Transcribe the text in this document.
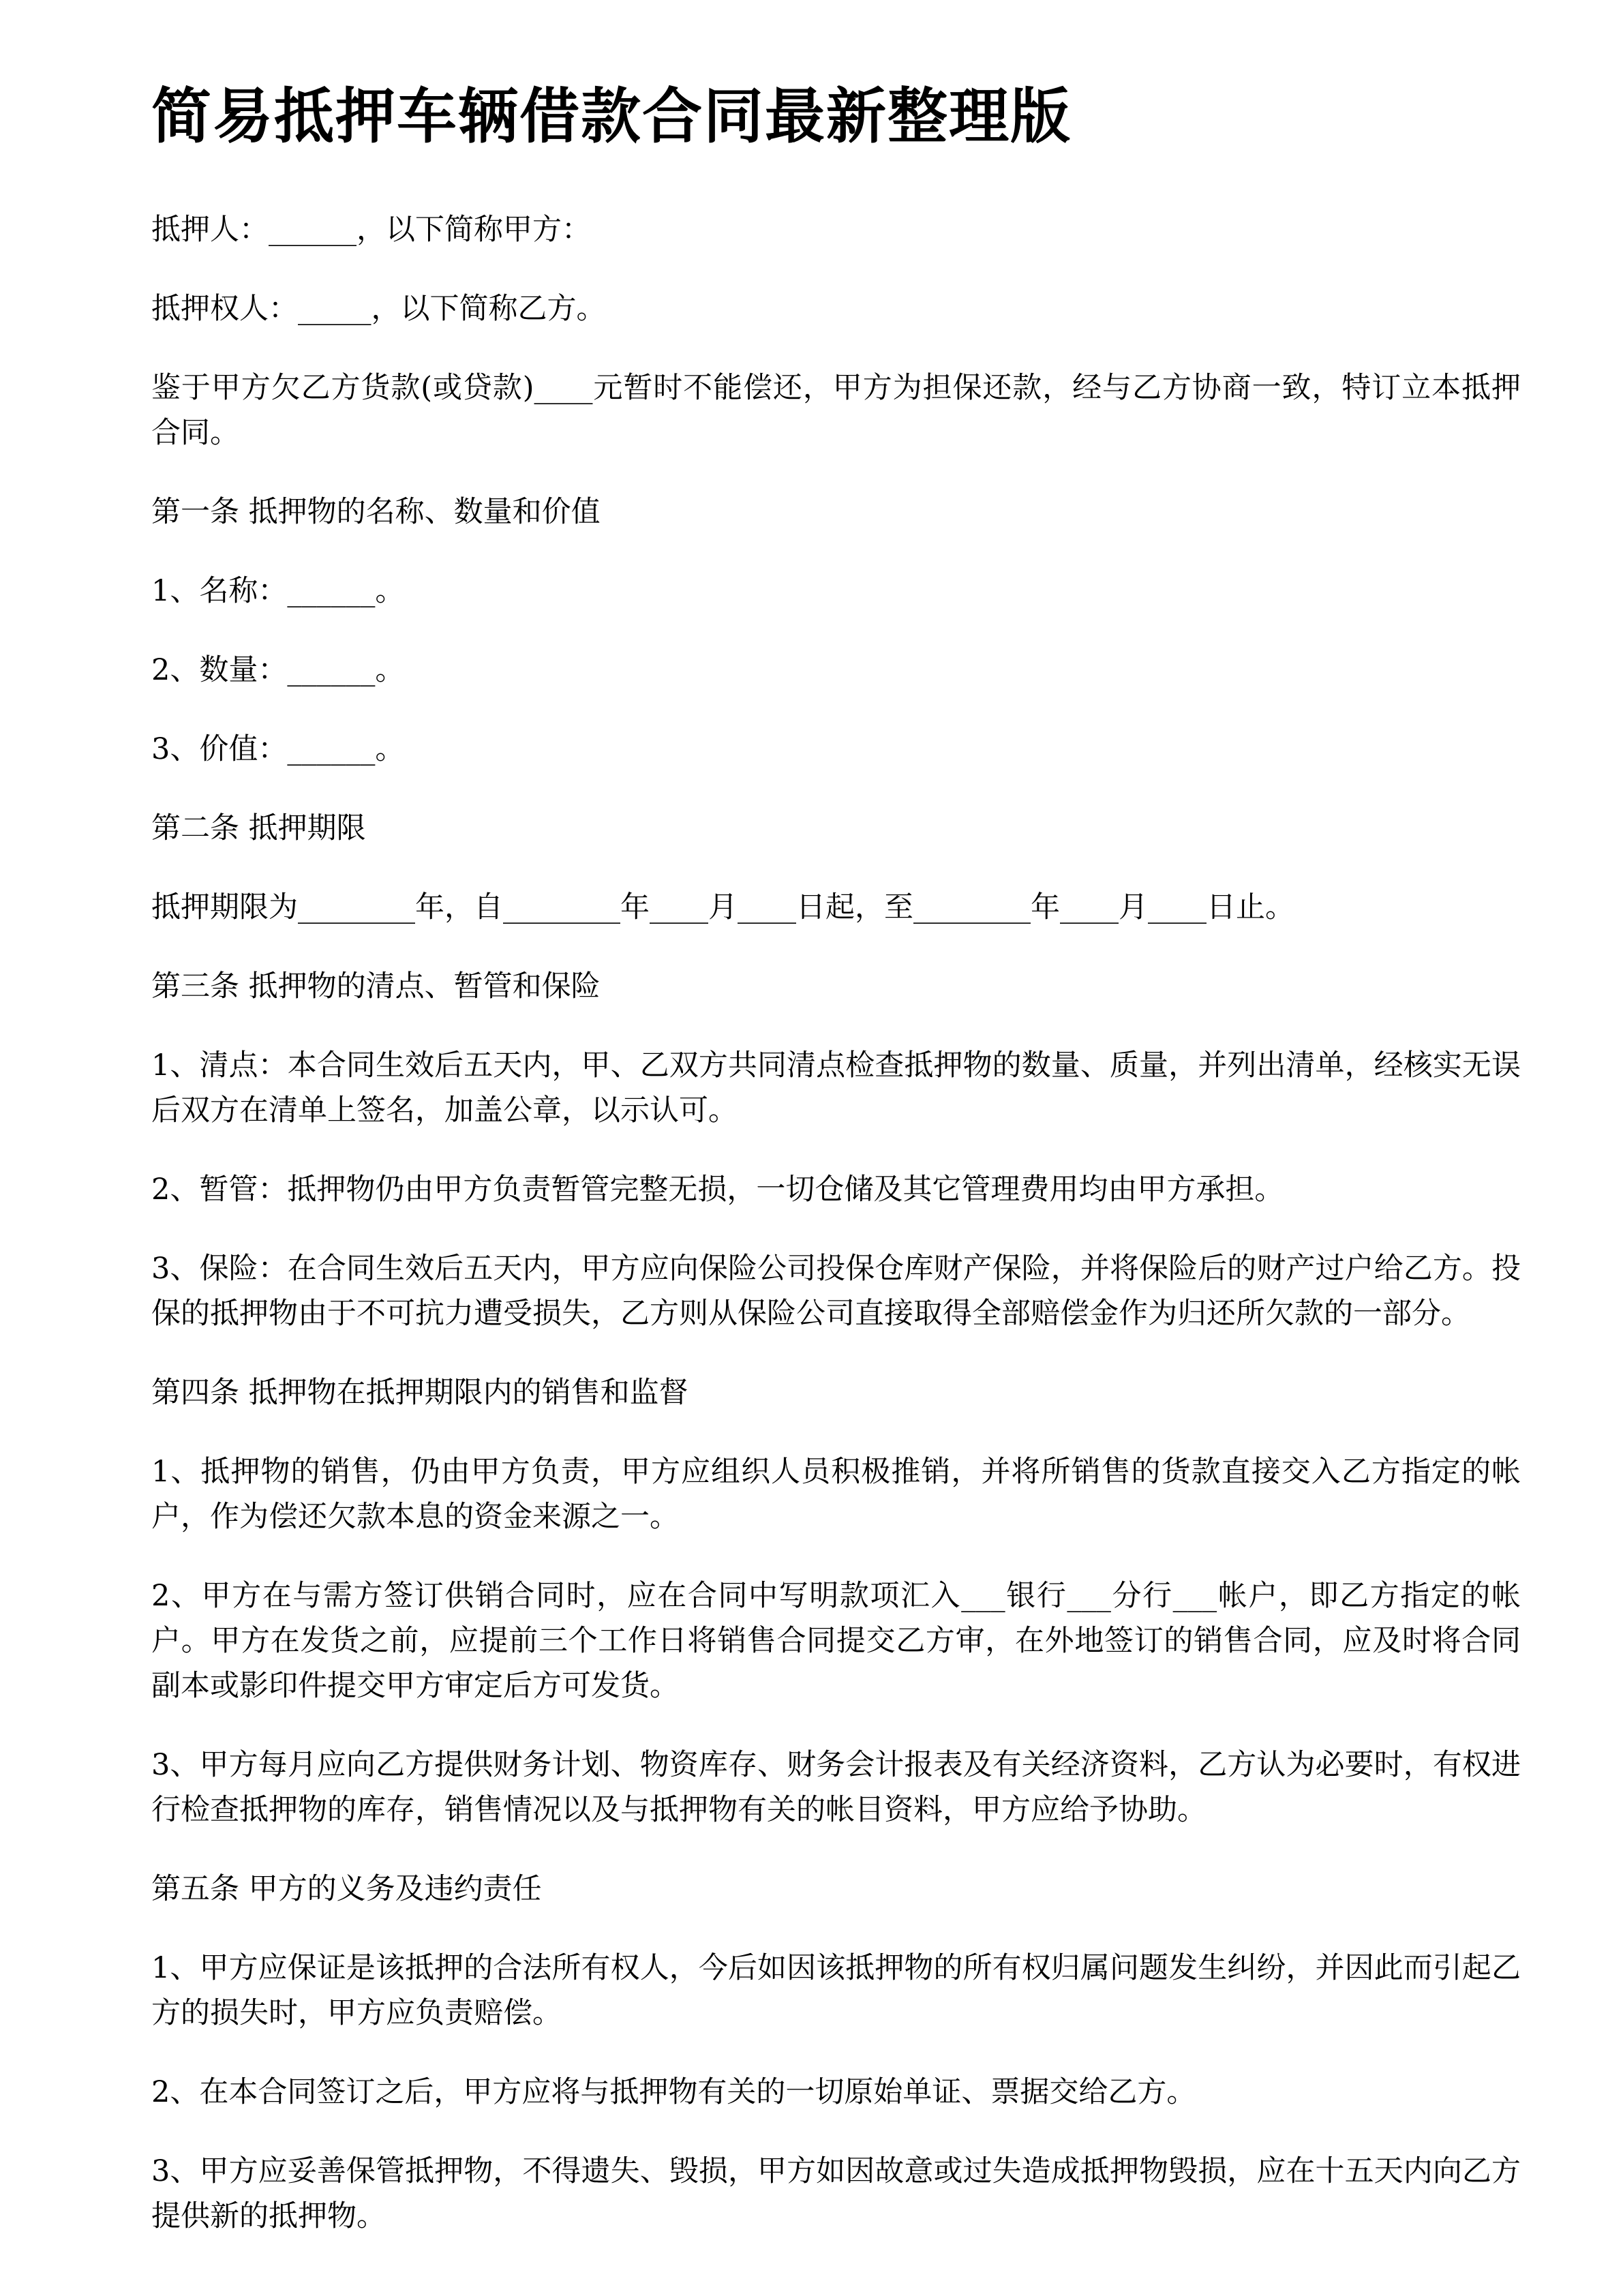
简易抵押车辆借款合同最新整理版

抵押人：______，以下简称甲方：

抵押权人：_____，以下简称乙方。

鉴于甲方欠乙方货款(或贷款)____元暂时不能偿还，甲方为担保还款，经与乙方协商一致，特订立本抵押合同。

第一条 抵押物的名称、数量和价值

1、名称：______。

2、数量：______。

3、价值：______。

第二条 抵押期限

抵押期限为________年，自________年____月____日起，至________年____月____日止。

第三条 抵押物的清点、暂管和保险

1、清点：本合同生效后五天内，甲、乙双方共同清点检查抵押物的数量、质量，并列出清单，经核实无误后双方在清单上签名，加盖公章，以示认可。

2、暂管：抵押物仍由甲方负责暂管完整无损，一切仓储及其它管理费用均由甲方承担。

3、保险：在合同生效后五天内，甲方应向保险公司投保仓库财产保险，并将保险后的财产过户给乙方。投保的抵押物由于不可抗力遭受损失，乙方则从保险公司直接取得全部赔偿金作为归还所欠款的一部分。

第四条 抵押物在抵押期限内的销售和监督

1、抵押物的销售，仍由甲方负责，甲方应组织人员积极推销，并将所销售的货款直接交入乙方指定的帐户，作为偿还欠款本息的资金来源之一。

2、甲方在与需方签订供销合同时，应在合同中写明款项汇入___银行___分行___帐户，即乙方指定的帐户。甲方在发货之前，应提前三个工作日将销售合同提交乙方审，在外地签订的销售合同，应及时将合同副本或影印件提交甲方审定后方可发货。

3、甲方每月应向乙方提供财务计划、物资库存、财务会计报表及有关经济资料，乙方认为必要时，有权进行检查抵押物的库存，销售情况以及与抵押物有关的帐目资料，甲方应给予协助。

第五条 甲方的义务及违约责任

1、甲方应保证是该抵押的合法所有权人，今后如因该抵押物的所有权归属问题发生纠纷，并因此而引起乙方的损失时，甲方应负责赔偿。

2、在本合同签订之后，甲方应将与抵押物有关的一切原始单证、票据交给乙方。

3、甲方应妥善保管抵押物，不得遗失、毁损，甲方如因故意或过失造成抵押物毁损，应在十五天内向乙方提供新的抵押物。
